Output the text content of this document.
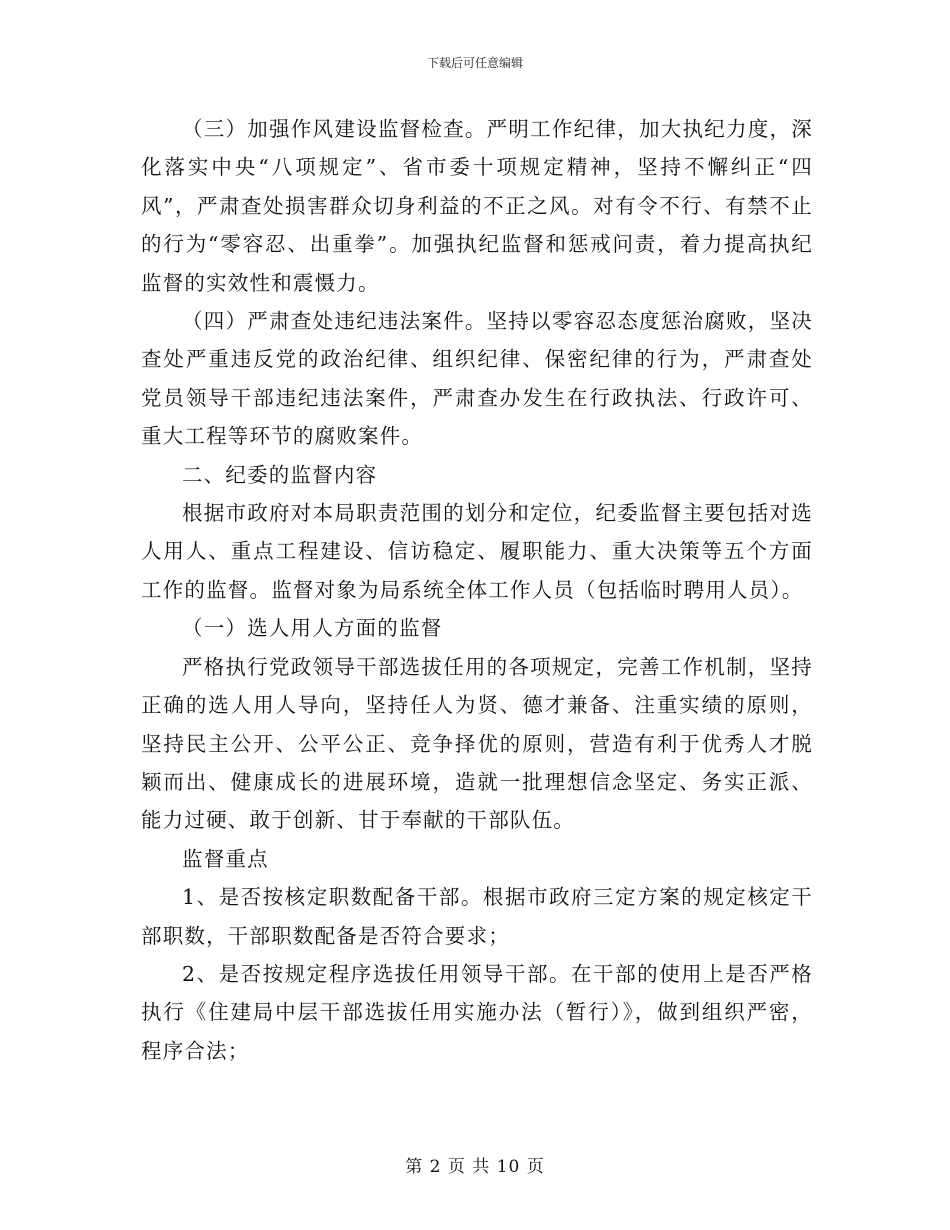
下载后可任意编辑

（三）加强作风建设监督检查。严明工作纪律，加大执纪力度，深化落实中央“八项规定”、省市委十项规定精神，坚持不懈纠正“四风”，严肃查处损害群众切身利益的不正之风。对有令不行、有禁不止的行为“零容忍、出重拳”。加强执纪监督和惩戒问责，着力提高执纪监督的实效性和震慑力。

（四）严肃查处违纪违法案件。坚持以零容忍态度惩治腐败，坚决查处严重违反党的政治纪律、组织纪律、保密纪律的行为，严肃查处党员领导干部违纪违法案件，严肃查办发生在行政执法、行政许可、重大工程等环节的腐败案件。

二、纪委的监督内容

根据市政府对本局职责范围的划分和定位，纪委监督主要包括对选人用人、重点工程建设、信访稳定、履职能力、重大决策等五个方面工作的监督。监督对象为局系统全体工作人员（包括临时聘用人员）。

（一）选人用人方面的监督

严格执行党政领导干部选拔任用的各项规定，完善工作机制，坚持正确的选人用人导向，坚持任人为贤、德才兼备、注重实绩的原则，坚持民主公开、公平公正、竞争择优的原则，营造有利于优秀人才脱颖而出、健康成长的进展环境，造就一批理想信念坚定、务实正派、能力过硬、敢于创新、甘于奉献的干部队伍。

监督重点

1、是否按核定职数配备干部。根据市政府三定方案的规定核定干部职数，干部职数配备是否符合要求；

2、是否按规定程序选拔任用领导干部。在干部的使用上是否严格执行《住建局中层干部选拔任用实施办法（暂行）》，做到组织严密，程序合法；

第 2 页 共 10 页
